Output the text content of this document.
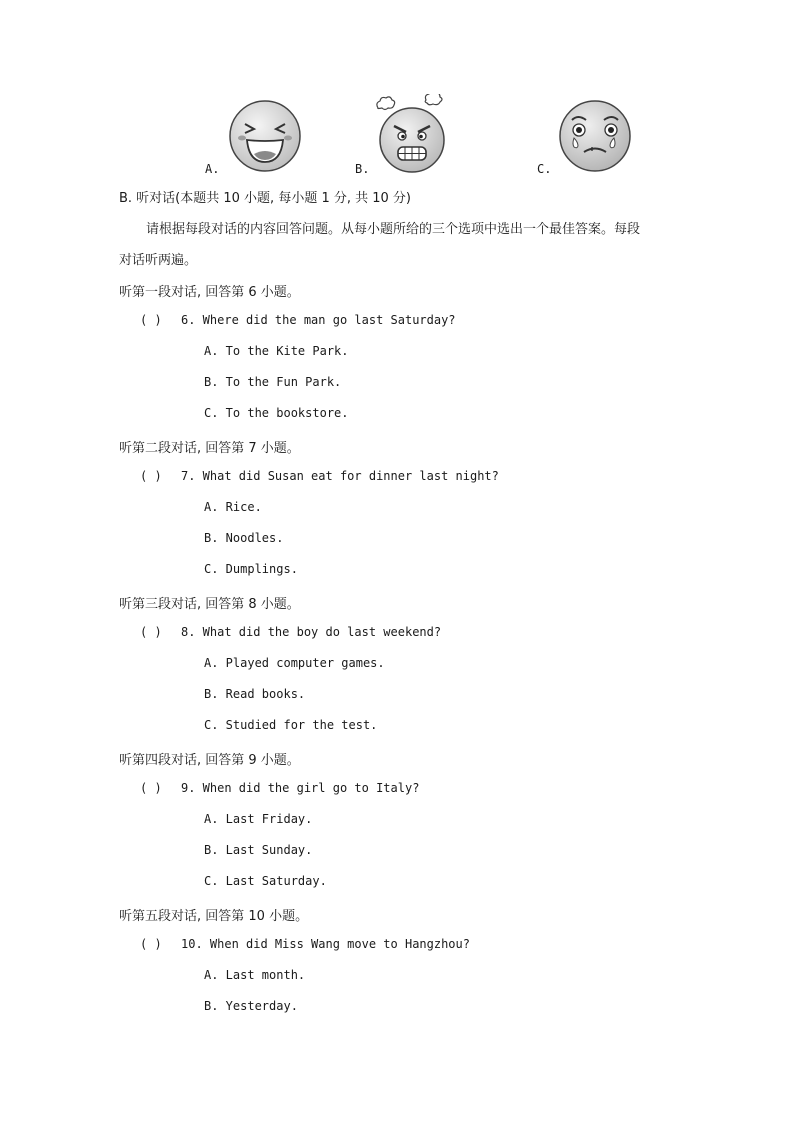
A.	B.	C.
B. 听对话(本题共 10 小题, 每小题 1 分, 共 10 分)
请根据每段对话的内容回答问题。从每小题所给的三个选项中选出一个最佳答案。每段
对话听两遍。
听第一段对话, 回答第 6 小题。
( ) 6. Where did the man go last Saturday?
A. To the Kite Park.
B. To the Fun Park.
C. To the bookstore.
听第二段对话, 回答第 7 小题。
( ) 7. What did Susan eat for dinner last night?
A. Rice.
B. Noodles.
C. Dumplings.
听第三段对话, 回答第 8 小题。
( ) 8. What did the boy do last weekend?
A. Played computer games.
B. Read books.
C. Studied for the test.
听第四段对话, 回答第 9 小题。
( ) 9. When did the girl go to Italy?
A. Last Friday.
B. Last Sunday.
C. Last Saturday.
听第五段对话, 回答第 10 小题。
( ) 10. When did Miss Wang move to Hangzhou?
A. Last month.
B. Yesterday.
